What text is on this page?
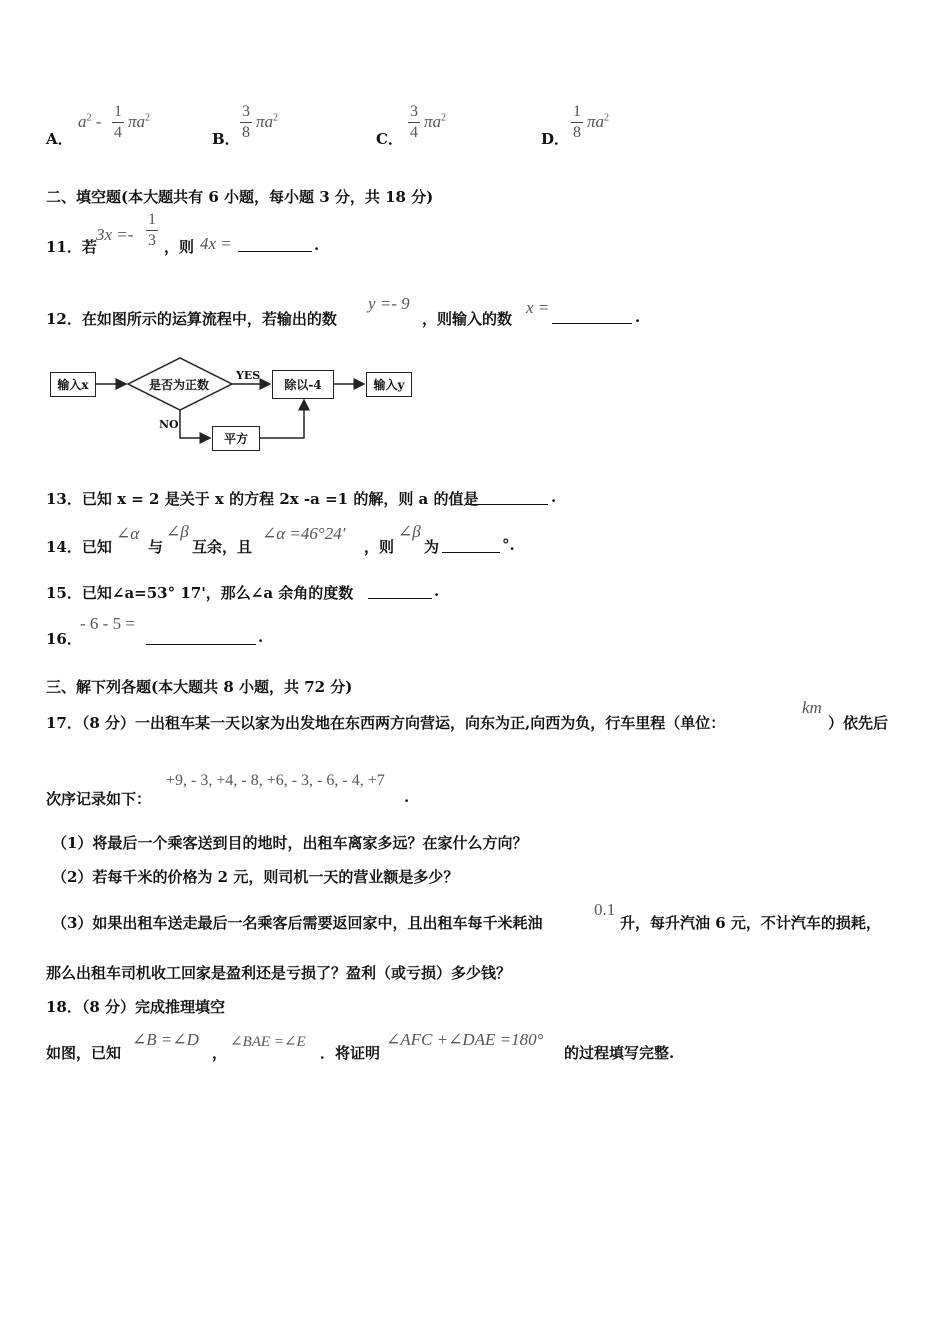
A．
$a^2 - \frac{1}{4} \pi a^2$
B． $\frac{3}{8} \pi a^2$
C． $\frac{3}{4} \pi a^2$
D． $\frac{1}{8} \pi a^2$
二、填空题(本大题共有 6 小题，每小题 3 分，共 18 分)
11．若
$3x =- \frac{1}{3}$ ，则 4x =	.
12．在如图所示的运算流程中，若输出的数
y =- 9
，则输入的数
x =	.
输入x	是否为正数
YES
NO
除以-4	输入y
平方
13．已知 x = 2 是关于 x 的方程 2x -a =1 的解，则 a 的值是	.
14．已知
∠α
与
∠β
互余，且
∠α =46°24′
，则
∠β
为	°.
15．已知∠a=53° 17'，那么∠a 余角的度数	.
16．
- 6 - 5 =
.
三、解下列各题(本大题共 8 小题，共 72 分)
17．（8 分）一出租车某一天以家为出发地在东西两方向营运，向东为正,向西为负，行车里程（单位：
km
）依先后
次序记录如下：
+9, - 3, +4, - 8, +6, - 3, - 6, - 4, +7
.
（1）将最后一个乘客送到目的地时，出租车离家多远？在家什么方向？
（2）若每千米的价格为 2 元，则司机一天的营业额是多少？
（3）如果出租车送走最后一名乘客后需要返回家中，且出租车每千米耗油
0.1
升，每升汽油 6 元，不计汽车的损耗，
那么出租车司机收工回家是盈利还是亏损了？盈利（或亏损）多少钱？
18．（8 分）完成推理填空
如图，已知
∠B =∠D
，
∠BAE =∠E
．将证明
∠AFC +∠DAE =180°
的过程填写完整.
